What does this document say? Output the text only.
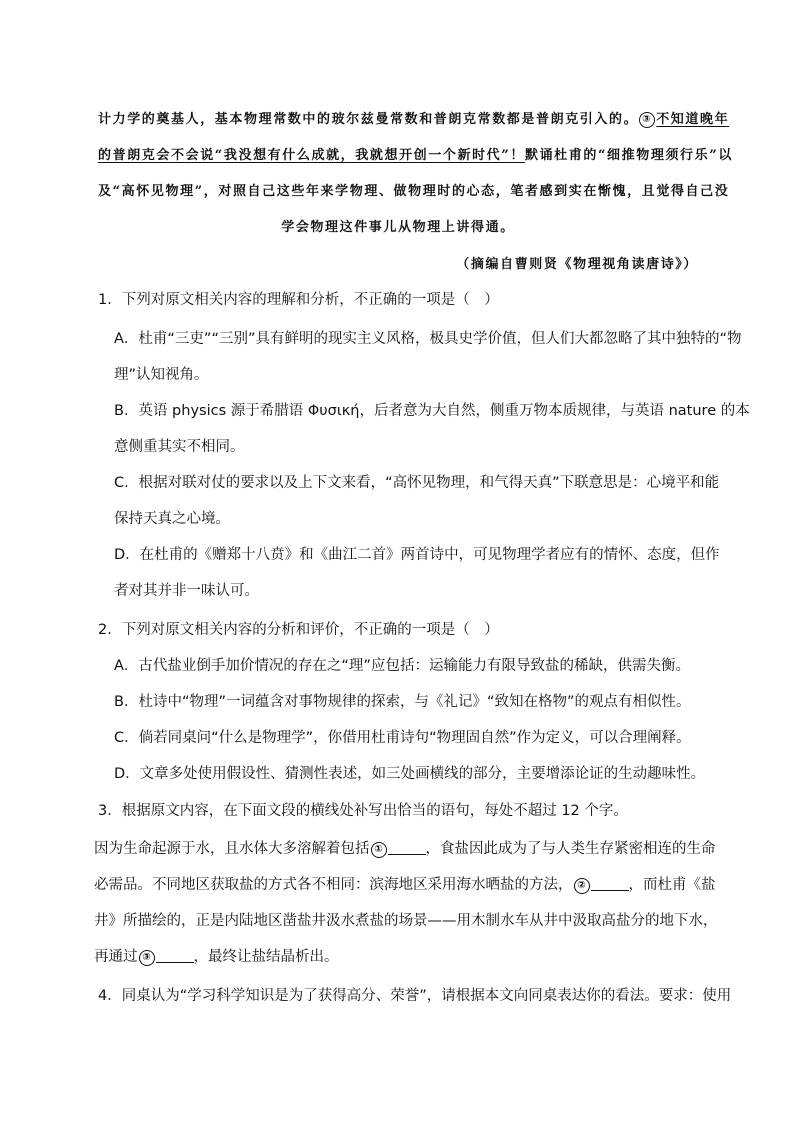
计力学的奠基人，基本物理常数中的玻尔兹曼常数和普朗克常数都是普朗克引入的。 ③ 不知道晚年
的普朗克会不会说“我没想有什么成就，我就想开创一个新时代”！默诵杜甫的“细推物理须行乐”以
及“高怀见物理”，对照自己这些年来学物理、做物理时的心态，笔者感到实在惭愧，且觉得自己没
学会物理这件事儿从物理上讲得通。
（摘编自曹则贤《物理视角读唐诗》）
1．下列对原文相关内容的理解和分析，不正确的一项是（　）
A．杜甫“三吏”“三别”具有鲜明的现实主义风格，极具史学价值，但人们大都忽略了其中独特的“物
理”认知视角。
B．英语 physics 源于希腊语 Φυσική，后者意为大自然，侧重万物本质规律，与英语 nature 的本
意侧重其实不相同。
C．根据对联对仗的要求以及上下文来看，“高怀见物理，和气得天真”下联意思是：心境平和能
保持天真之心境。
D．在杜甫的《赠郑十八贲》和《曲江二首》两首诗中，可见物理学者应有的情怀、态度，但作
者对其并非一味认可。
2．下列对原文相关内容的分析和评价，不正确的一项是（　）
A．古代盐业倒手加价情况的存在之“理”应包括：运输能力有限导致盐的稀缺，供需失衡。
B．杜诗中“物理”一词蕴含对事物规律的探索，与《礼记》“致知在格物”的观点有相似性。
C．倘若同桌问“什么是物理学”，你借用杜甫诗句“物理固自然”作为定义，可以合理阐释。
D．文章多处使用假设性、猜测性表述，如三处画横线的部分，主要增添论证的生动趣味性。
3．根据原文内容，在下面文段的横线处补写出恰当的语句，每处不超过 12 个字。
因为生命起源于水，且水体大多溶解着包括 ①	，食盐因此成为了与人类生存紧密相连的生命
必需品。不同地区获取盐的方式各不相同：滨海地区采用海水晒盐的方法， ②	，而杜甫《盐
井》所描绘的，正是内陆地区凿盐井汲水煮盐的场景——用木制水车从井中汲取高盐分的地下水，
再通过 ③	，最终让盐结晶析出。
4．同桌认为“学习科学知识是为了获得高分、荣誉”，请根据本文向同桌表达你的看法。要求：使用
